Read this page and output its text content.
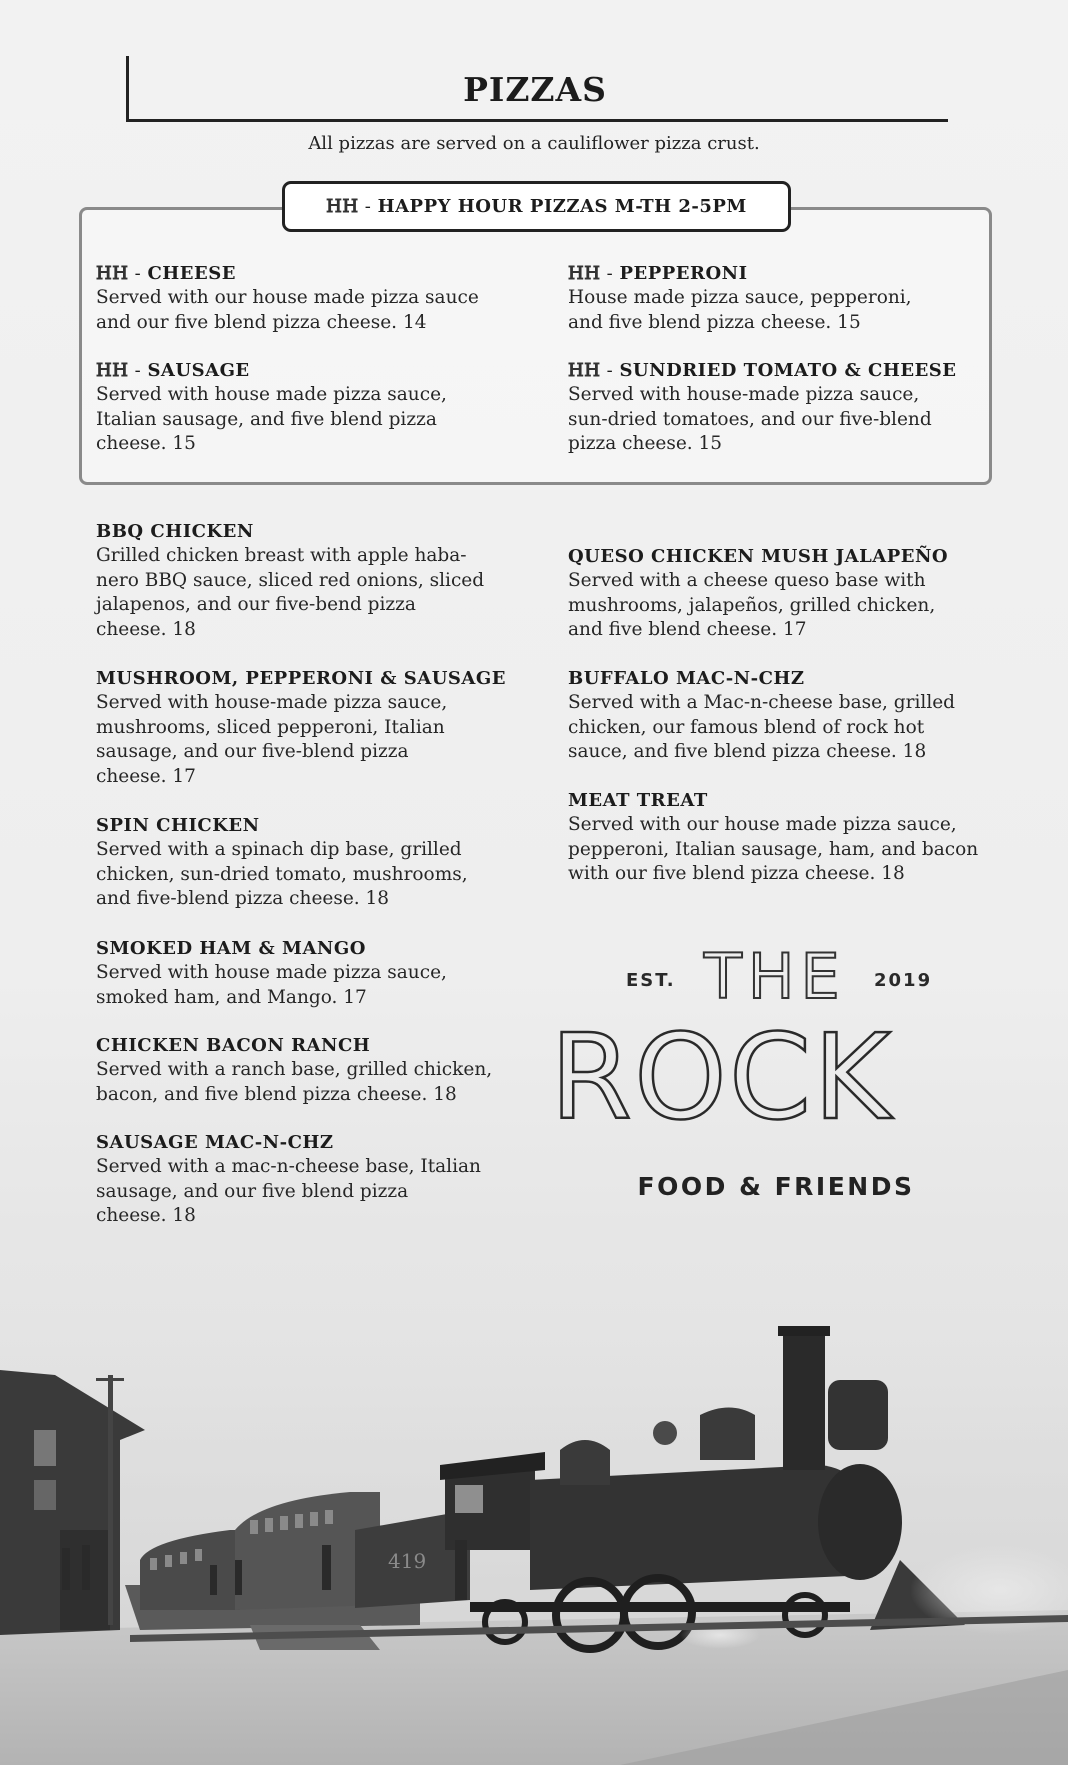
PIZZAS
All pizzas are served on a cauliflower pizza crust.
HH - HAPPY HOUR PIZZAS M-TH 2-5PM
HH - CHEESE
Served with our house made pizza sauce
and our five blend pizza cheese. 14
HH - PEPPERONI
House made pizza sauce, pepperoni,
and five blend pizza cheese. 15
HH - SAUSAGE
Served with house made pizza sauce,
Italian sausage, and five blend pizza
cheese. 15
HH - SUNDRIED TOMATO & CHEESE
Served with house-made pizza sauce,
sun-dried tomatoes, and our five-blend
pizza cheese. 15
BBQ CHICKEN
Grilled chicken breast with apple haba-
nero BBQ sauce, sliced red onions, sliced
jalapenos, and our five-bend pizza
cheese. 18
MUSHROOM, PEPPERONI & SAUSAGE
Served with house-made pizza sauce,
mushrooms, sliced pepperoni, Italian
sausage, and our five-blend pizza
cheese. 17
SPIN CHICKEN
Served with a spinach dip base, grilled
chicken, sun-dried tomato, mushrooms,
and five-blend pizza cheese. 18
SMOKED HAM & MANGO
Served with house made pizza sauce,
smoked ham, and Mango. 17
CHICKEN BACON RANCH
Served with a ranch base, grilled chicken,
bacon, and five blend pizza cheese. 18
SAUSAGE MAC-N-CHZ
Served with a mac-n-cheese base, Italian
sausage, and our five blend pizza
cheese. 18
QUESO CHICKEN MUSH JALAPEÑO
Served with a cheese queso base with
mushrooms, jalapeños, grilled chicken,
and five blend cheese. 17
BUFFALO MAC-N-CHZ
Served with a Mac-n-cheese base, grilled
chicken, our famous blend of rock hot
sauce, and five blend pizza cheese. 18
MEAT TREAT
Served with our house made pizza sauce,
pepperoni, Italian sausage, ham, and bacon
with our five blend pizza cheese. 18
EST. THE 2019
ROCK
FOOD & FRIENDS
419
